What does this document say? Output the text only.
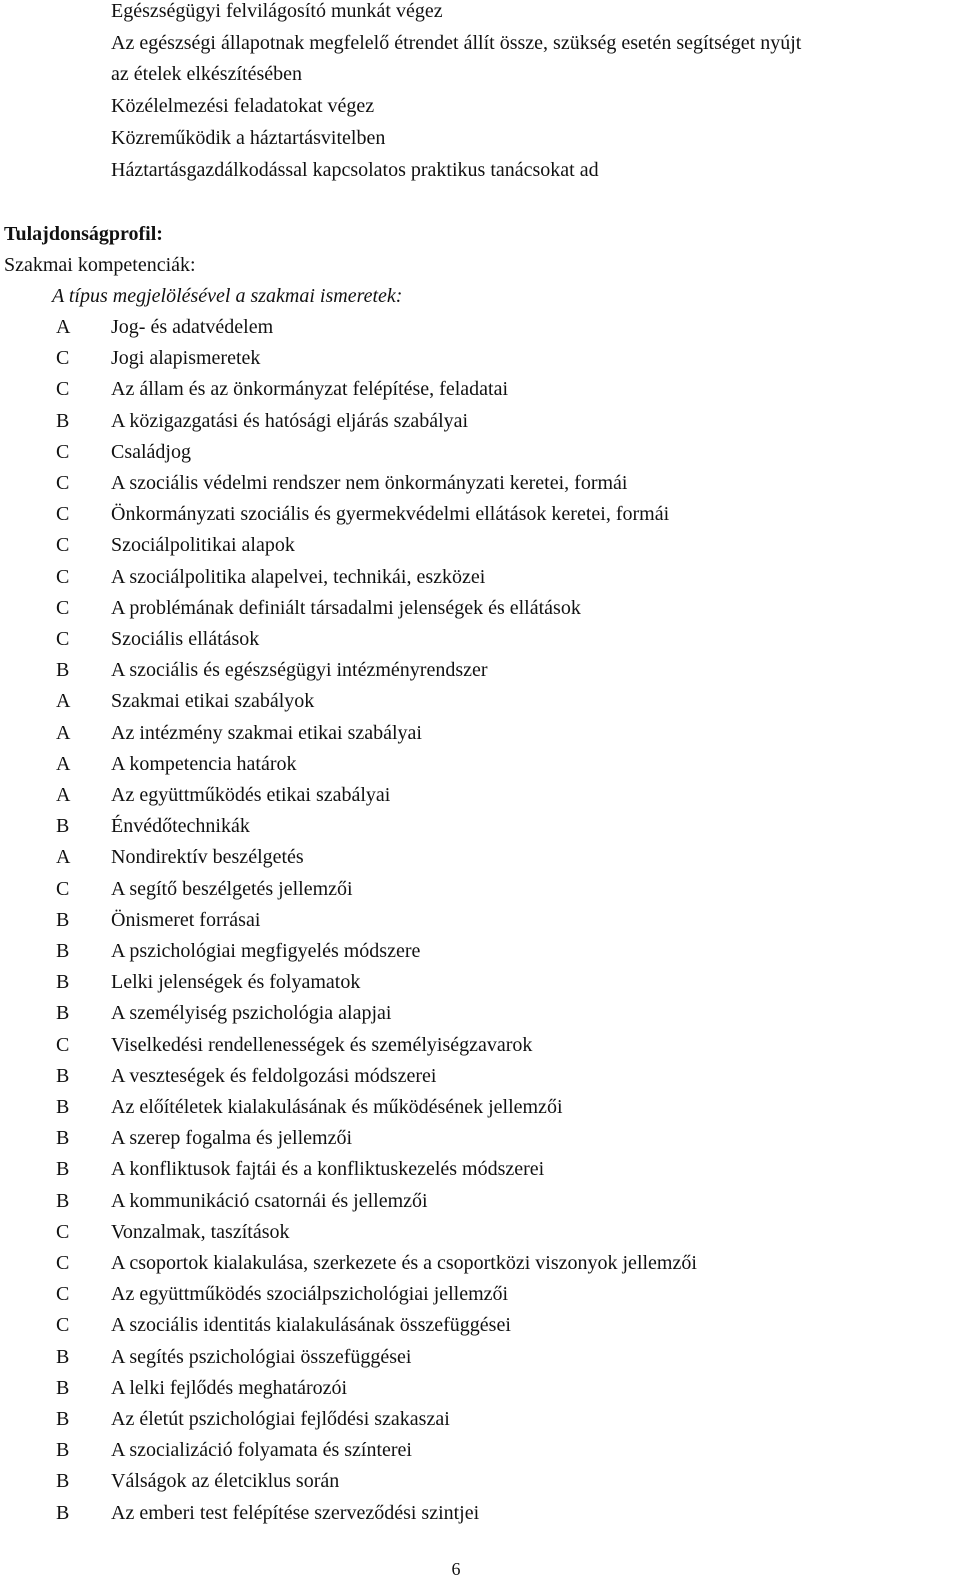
Egészségügyi felvilágosító munkát végez
Az egészségi állapotnak megfelelő étrendet állít össze, szükség esetén segítséget nyújt
az ételek elkészítésében
Közélelmezési feladatokat végez
Közreműködik a háztartásvitelben
Háztartásgazdálkodással kapcsolatos praktikus tanácsokat ad
Tulajdonságprofil:
Szakmai kompetenciák:
A típus megjelölésével a szakmai ismeretek:
A	Jog- és adatvédelem
C	Jogi alapismeretek
C	Az állam és az önkormányzat felépítése, feladatai
B	A közigazgatási és hatósági eljárás szabályai
C	Családjog
C	A szociális védelmi rendszer nem önkormányzati keretei, formái
C	Önkormányzati szociális és gyermekvédelmi ellátások keretei, formái
C	Szociálpolitikai alapok
C	A szociálpolitika alapelvei, technikái, eszközei
C	A problémának definiált társadalmi jelenségek és ellátások
C	Szociális ellátások
B	A szociális és egészségügyi intézményrendszer
A	Szakmai etikai szabályok
A	Az intézmény szakmai etikai szabályai
A	A kompetencia határok
A	Az együttműködés etikai szabályai
B	Énvédőtechnikák
A	Nondirektív beszélgetés
C	A segítő beszélgetés jellemzői
B	Önismeret forrásai
B	A pszichológiai megfigyelés módszere
B	Lelki jelenségek és folyamatok
B	A személyiség pszichológia alapjai
C	Viselkedési rendellenességek és személyiségzavarok
B	A veszteségek és feldolgozási módszerei
B	Az előítéletek kialakulásának és működésének jellemzői
B	A szerep fogalma és jellemzői
B	A konfliktusok fajtái és a konfliktuskezelés módszerei
B	A kommunikáció csatornái és jellemzői
C	Vonzalmak, taszítások
C	A csoportok kialakulása, szerkezete és a csoportközi viszonyok jellemzői
C	Az együttműködés szociálpszichológiai jellemzői
C	A szociális identitás kialakulásának összefüggései
B	A segítés pszichológiai összefüggései
B	A lelki fejlődés meghatározói
B	Az életút pszichológiai fejlődési szakaszai
B	A szocializáció folyamata és színterei
B	Válságok az életciklus során
B	Az emberi test felépítése szerveződési szintjei
6
